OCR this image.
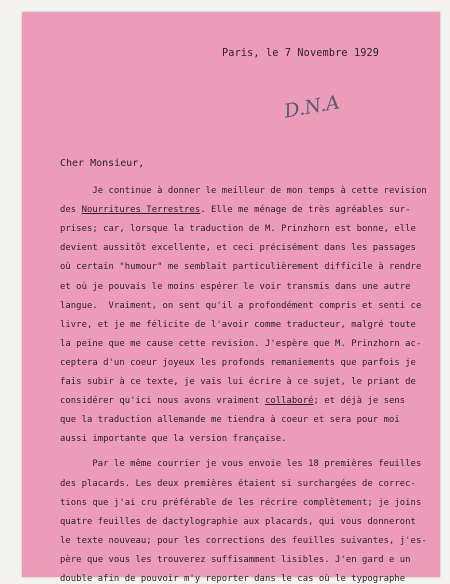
Paris, le 7 Novembre 1929
D.N.A
Cher Monsieur,
Je continue à donner le meilleur de mon temps à cette revision
des Nourritures Terrestres. Elle me ménage de très agréables sur-
prises; car, lorsque la traduction de M. Prinzhorn est bonne, elle
devient aussitôt excellente, et ceci précisément dans les passages
où certain "humour" me semblait particulièrement difficile à rendre
et où je pouvais le moins espérer le voir transmis dans une autre
langue.  Vraiment, on sent qu'il a profondément compris et senti ce
livre, et je me félicite de l'avoir comme traducteur, malgré toute
la peine que me cause cette revision. J'espère que M. Prinzhorn ac-
ceptera d'un coeur joyeux les profonds remaniements que parfois je
fais subir à ce texte, je vais lui écrire à ce sujet, le priant de
considérer qu'ici nous avons vraiment collaboré; et déjà je sens
que la traduction allemande me tiendra à coeur et sera pour moi
aussi importante que la version française.
Par le même courrier je vous envoie les 18 premières feuilles
des placards. Les deux premières étaient si surchargées de correc-
tions que j'ai cru préférable de les récrire complètement; je joins
quatre feuilles de dactylographie aux placards, qui vous donneront
le texte nouveau; pour les corrections des feuilles suivantes, j'es-
père que vous les trouverez suffisamment lisibles. J'en gard e un
double afin de pouvoir m'y reporter dans le cas où le typographe
